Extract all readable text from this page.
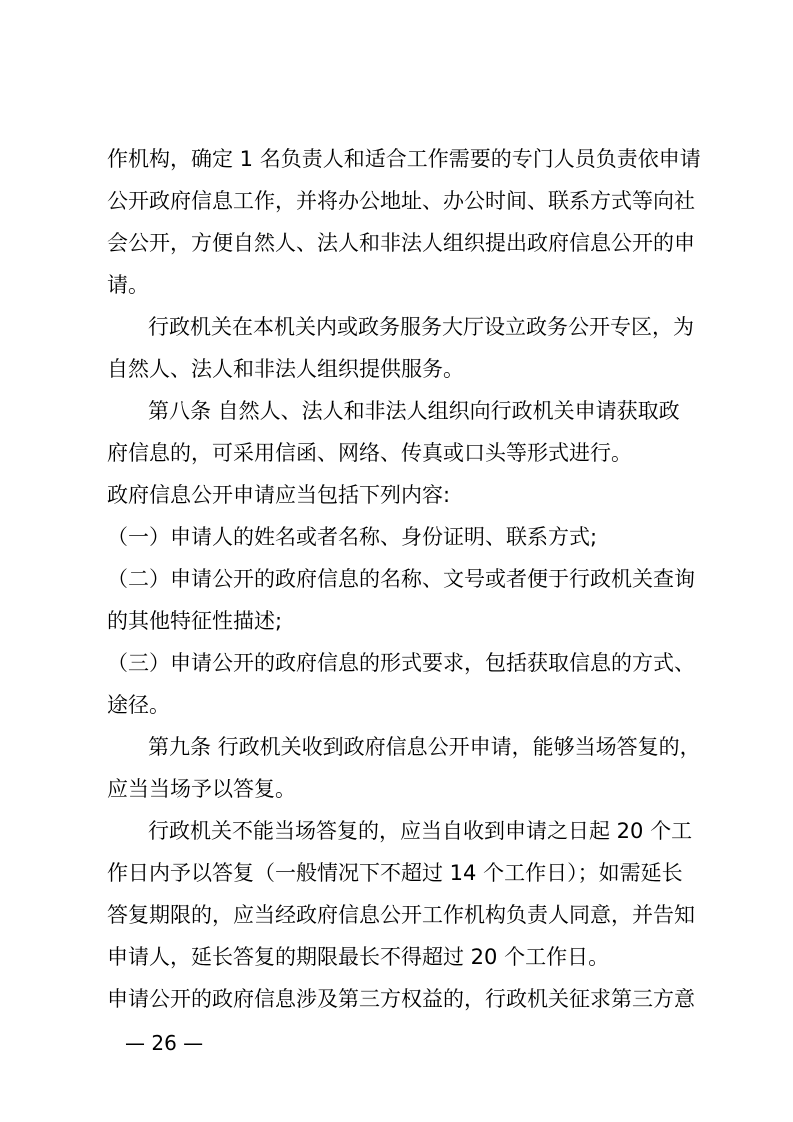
作机构，确定 1 名负责人和适合工作需要的专门人员负责依申请
公开政府信息工作，并将办公地址、办公时间、联系方式等向社
会公开，方便自然人、法人和非法人组织提出政府信息公开的申
请。
行政机关在本机关内或政务服务大厅设立政务公开专区，为
自然人、法人和非法人组织提供服务。
第八条 自然人、法人和非法人组织向行政机关申请获取政
府信息的，可采用信函、网络、传真或口头等形式进行。
政府信息公开申请应当包括下列内容:
（一）申请人的姓名或者名称、身份证明、联系方式;
（二）申请公开的政府信息的名称、文号或者便于行政机关查询
的其他特征性描述;
（三）申请公开的政府信息的形式要求，包括获取信息的方式、
途径。
第九条 行政机关收到政府信息公开申请，能够当场答复的，
应当当场予以答复。
行政机关不能当场答复的，应当自收到申请之日起 20 个工
作日内予以答复（一般情况下不超过 14 个工作日）；如需延长
答复期限的，应当经政府信息公开工作机构负责人同意，并告知
申请人，延长答复的期限最长不得超过 20 个工作日。
申请公开的政府信息涉及第三方权益的，行政机关征求第三方意
— 26 —
